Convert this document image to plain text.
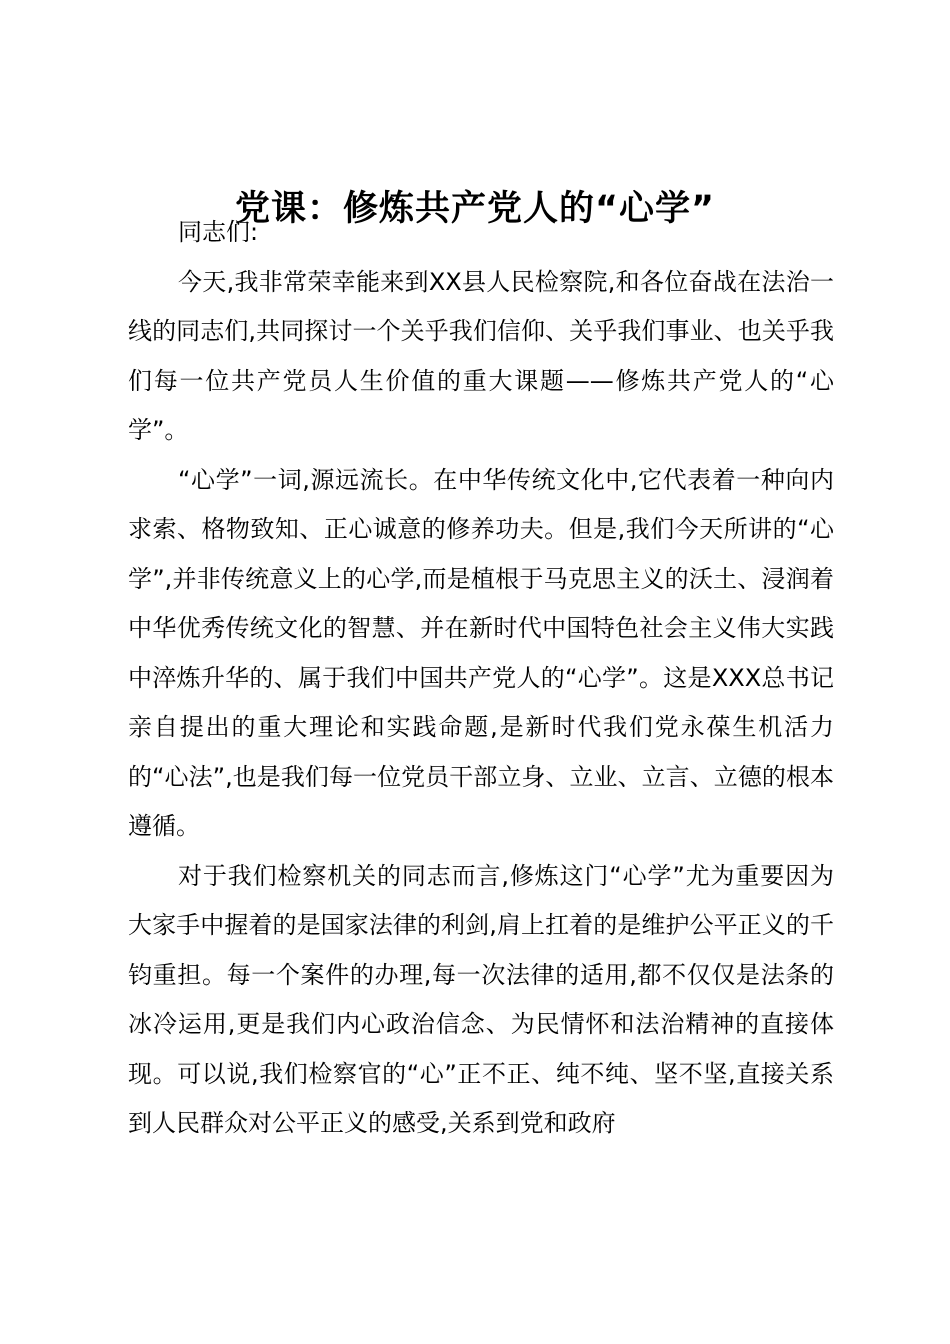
党课：修炼共产党人的“心学”

同志们:

今天,我非常荣幸能来到XX县人民检察院,和各位奋战在法治一线的同志们,共同探讨一个关乎我们信仰、关乎我们事业、也关乎我们每一位共产党员人生价值的重大课题——修炼共产党人的“心学”。

“心学”一词,源远流长。在中华传统文化中,它代表着一种向内求索、格物致知、正心诚意的修养功夫。但是,我们今天所讲的“心学”,并非传统意义上的心学,而是植根于马克思主义的沃土、浸润着中华优秀传统文化的智慧、并在新时代中国特色社会主义伟大实践中淬炼升华的、属于我们中国共产党人的“心学”。这是XXX总书记亲自提出的重大理论和实践命题,是新时代我们党永葆生机活力的“心法”,也是我们每一位党员干部立身、立业、立言、立德的根本遵循。

对于我们检察机关的同志而言,修炼这门“心学”尤为重要因为大家手中握着的是国家法律的利剑,肩上扛着的是维护公平正义的千钧重担。每一个案件的办理,每一次法律的适用,都不仅仅是法条的冰冷运用,更是我们内心政治信念、为民情怀和法治精神的直接体现。可以说,我们检察官的“心”正不正、纯不纯、坚不坚,直接关系到人民群众对公平正义的感受,关系到党和政府
